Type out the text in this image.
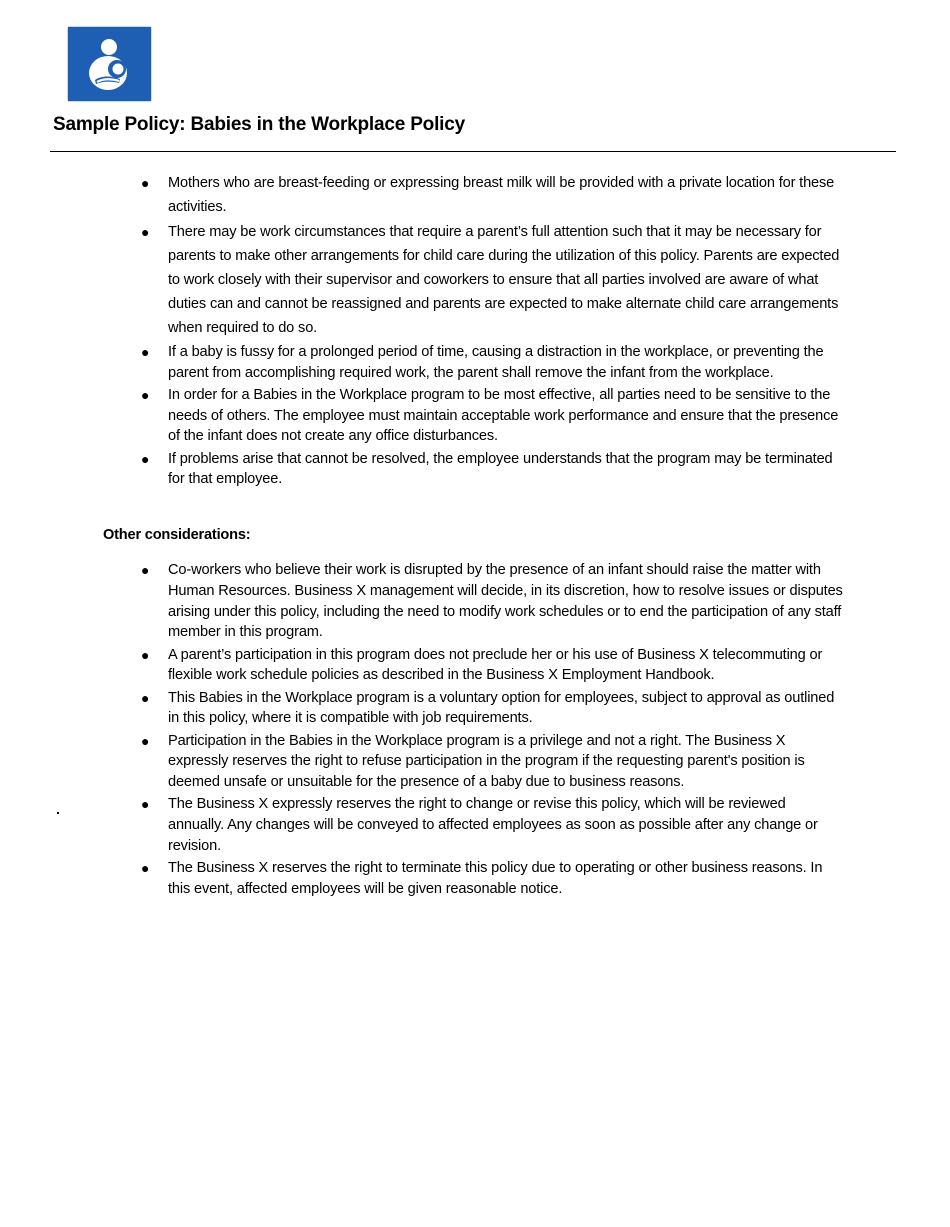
Sample Policy: Babies in the Workplace Policy
● Mothers who are breast-feeding or expressing breast milk will be provided with a private location for these activities.
● There may be work circumstances that require a parent’s full attention such that it may be necessary for parents to make other arrangements for child care during the utilization of this policy. Parents are expected to work closely with their supervisor and coworkers to ensure that all parties involved are aware of what duties can and cannot be reassigned and parents are expected to make alternate child care arrangements when required to do so.
● If a baby is fussy for a prolonged period of time, causing a distraction in the workplace, or preventing the parent from accomplishing required work, the parent shall remove the infant from the workplace.
● In order for a Babies in the Workplace program to be most effective, all parties need to be sensitive to the needs of others. The employee must maintain acceptable work performance and ensure that the presence of the infant does not create any office disturbances.
● If problems arise that cannot be resolved, the employee understands that the program may be terminated for that employee.
Other considerations:
● Co-workers who believe their work is disrupted by the presence of an infant should raise the matter with Human Resources. Business X management will decide, in its discretion, how to resolve issues or disputes arising under this policy, including the need to modify work schedules or to end the participation of any staff member in this program.
● A parent’s participation in this program does not preclude her or his use of Business X telecommuting or flexible work schedule policies as described in the Business X Employment Handbook.
● This Babies in the Workplace program is a voluntary option for employees, subject to approval as outlined in this policy, where it is compatible with job requirements.
● Participation in the Babies in the Workplace program is a privilege and not a right. The Business X expressly reserves the right to refuse participation in the program if the requesting parent's position is deemed unsafe or unsuitable for the presence of a baby due to business reasons.
● The Business X expressly reserves the right to change or revise this policy, which will be reviewed annually. Any changes will be conveyed to affected employees as soon as possible after any change or revision.
● The Business X reserves the right to terminate this policy due to operating or other business reasons. In this event, affected employees will be given reasonable notice.
